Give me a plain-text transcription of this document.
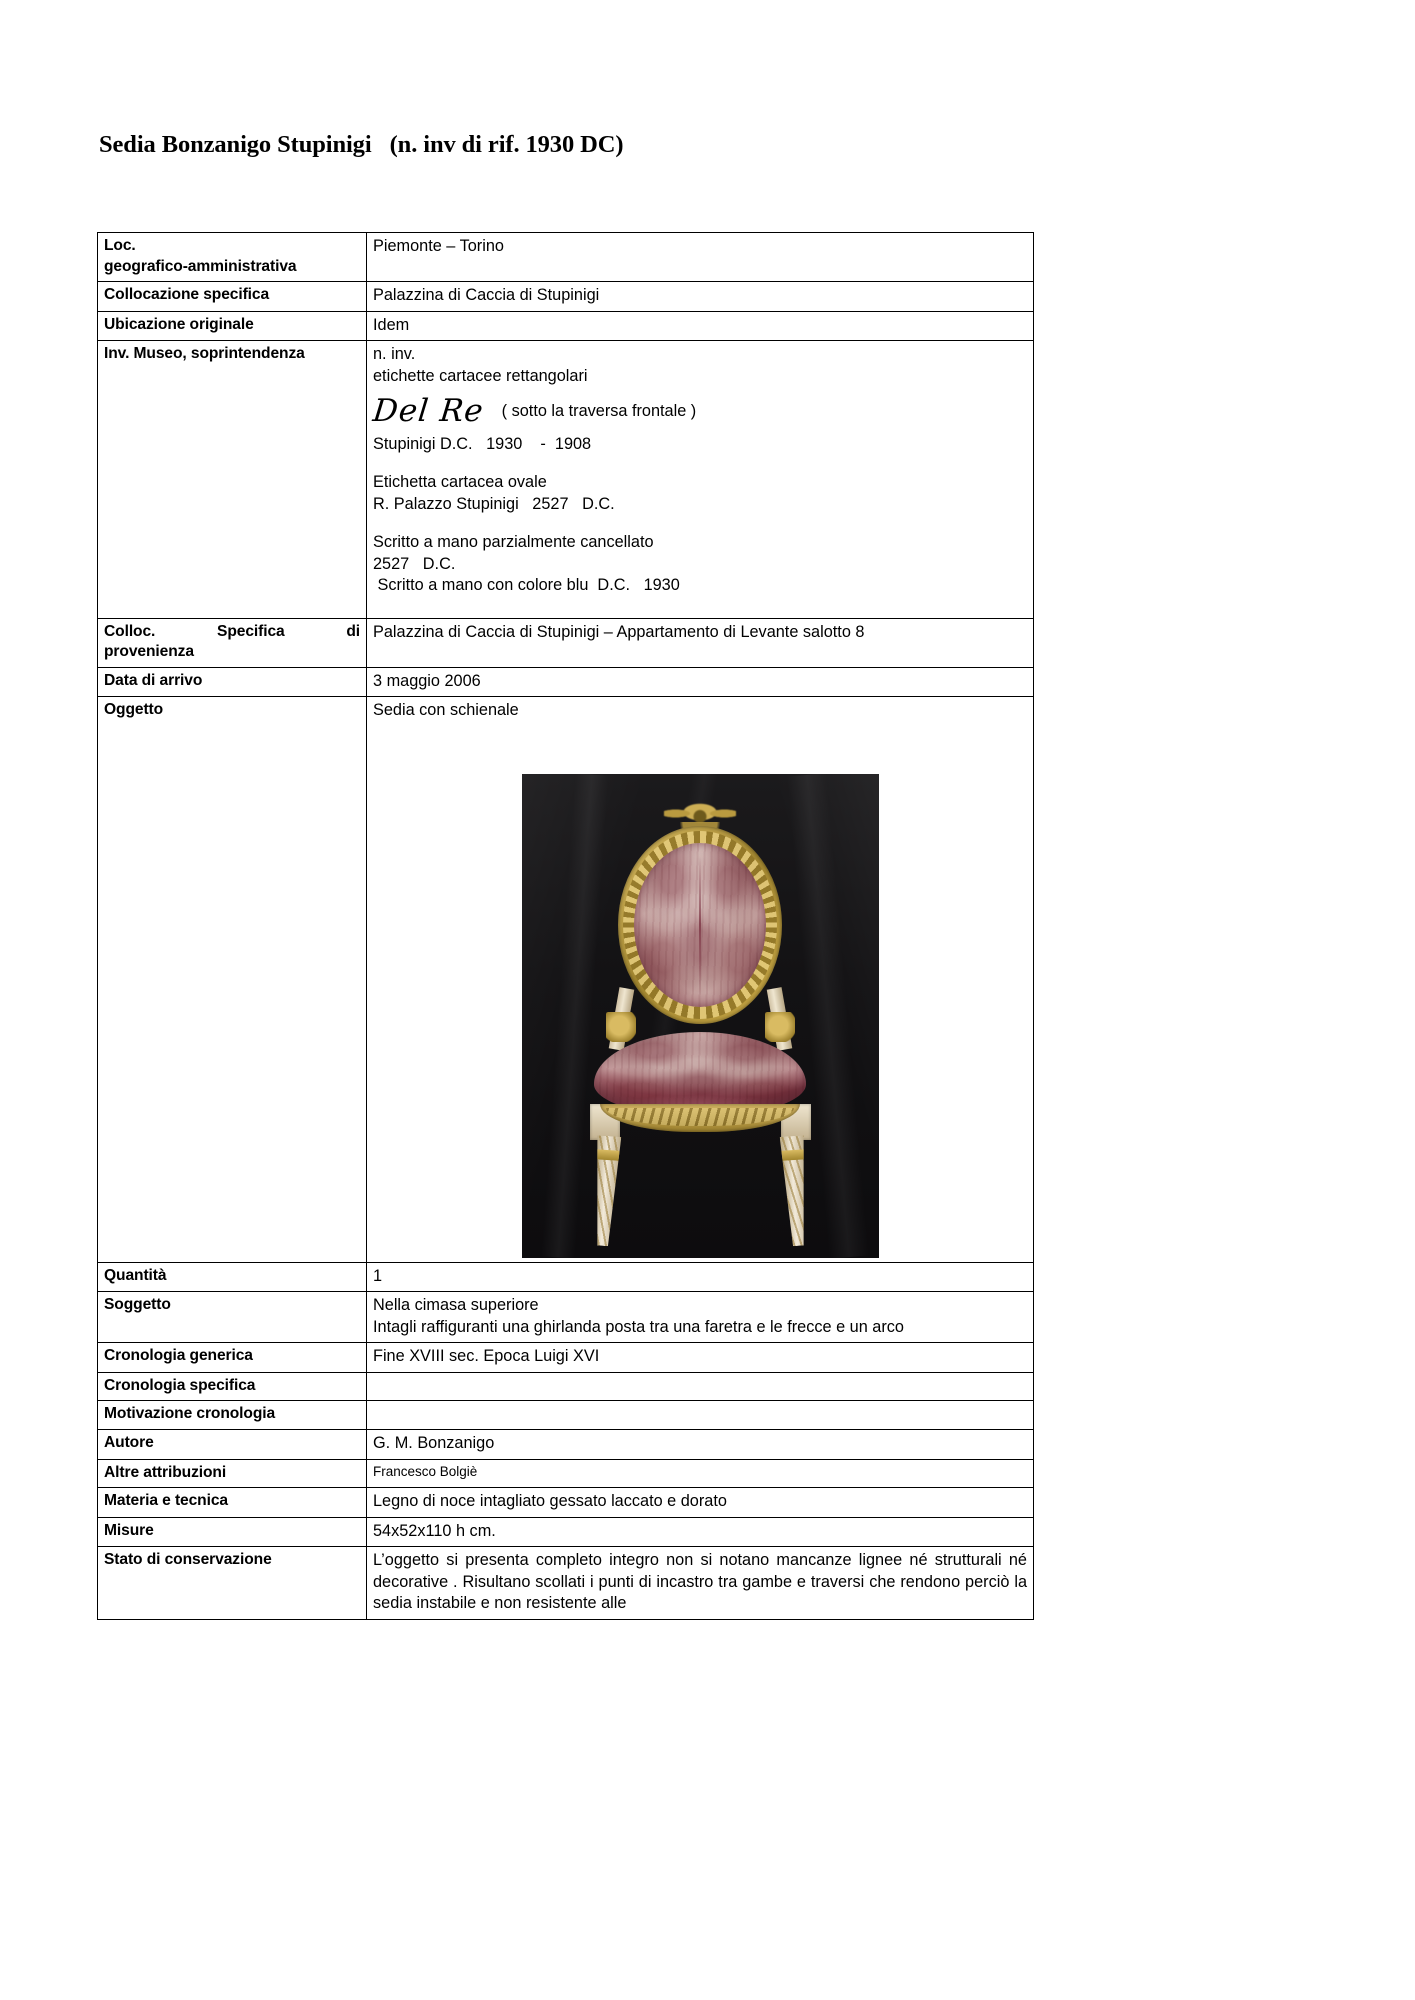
Sedia Bonzanigo Stupinigi   (n. inv di rif. 1930 DC)
Loc.
geografico-amministrativa	Piemonte – Torino
Collocazione specifica	Palazzina di Caccia di Stupinigi
Ubicazione originale	Idem
Inv. Museo, soprintendenza	n. inv.

etichette cartacee rettangolari

Del Re ( sotto la traversa frontale )

Stupinigi D.C.   1930    -  1908

Etichetta cartacea ovale

R. Palazzo Stupinigi   2527   D.C.

Scritto a mano parzialmente cancellato

2527   D.C.

Scritto a mano con colore blu  D.C.   1930

Colloc. Specifica di
provenienza	Palazzina di Caccia di Stupinigi – Appartamento di Levante salotto 8

Data di arrivo	3 maggio 2006
Oggetto	Sedia con schienale

Quantità	1
Soggetto	Nella cimasa superiore

Intagli raffiguranti una ghirlanda posta tra una faretra e le frecce e un arco

Cronologia generica	Fine XVIII sec. Epoca Luigi XVI
Cronologia specifica	
Motivazione cronologia	
Autore	G. M. Bonzanigo
Altre attribuzioni	Francesco Bolgiè
Materia e tecnica	Legno di noce intagliato gessato laccato e dorato
Misure	54x52x110 h cm.
Stato di conservazione	L’oggetto si presenta completo integro non si notano mancanze lignee né strutturali né decorative . Risultano scollati i punti di incastro tra gambe e traversi che rendono perciò la sedia instabile e non resistente alle
